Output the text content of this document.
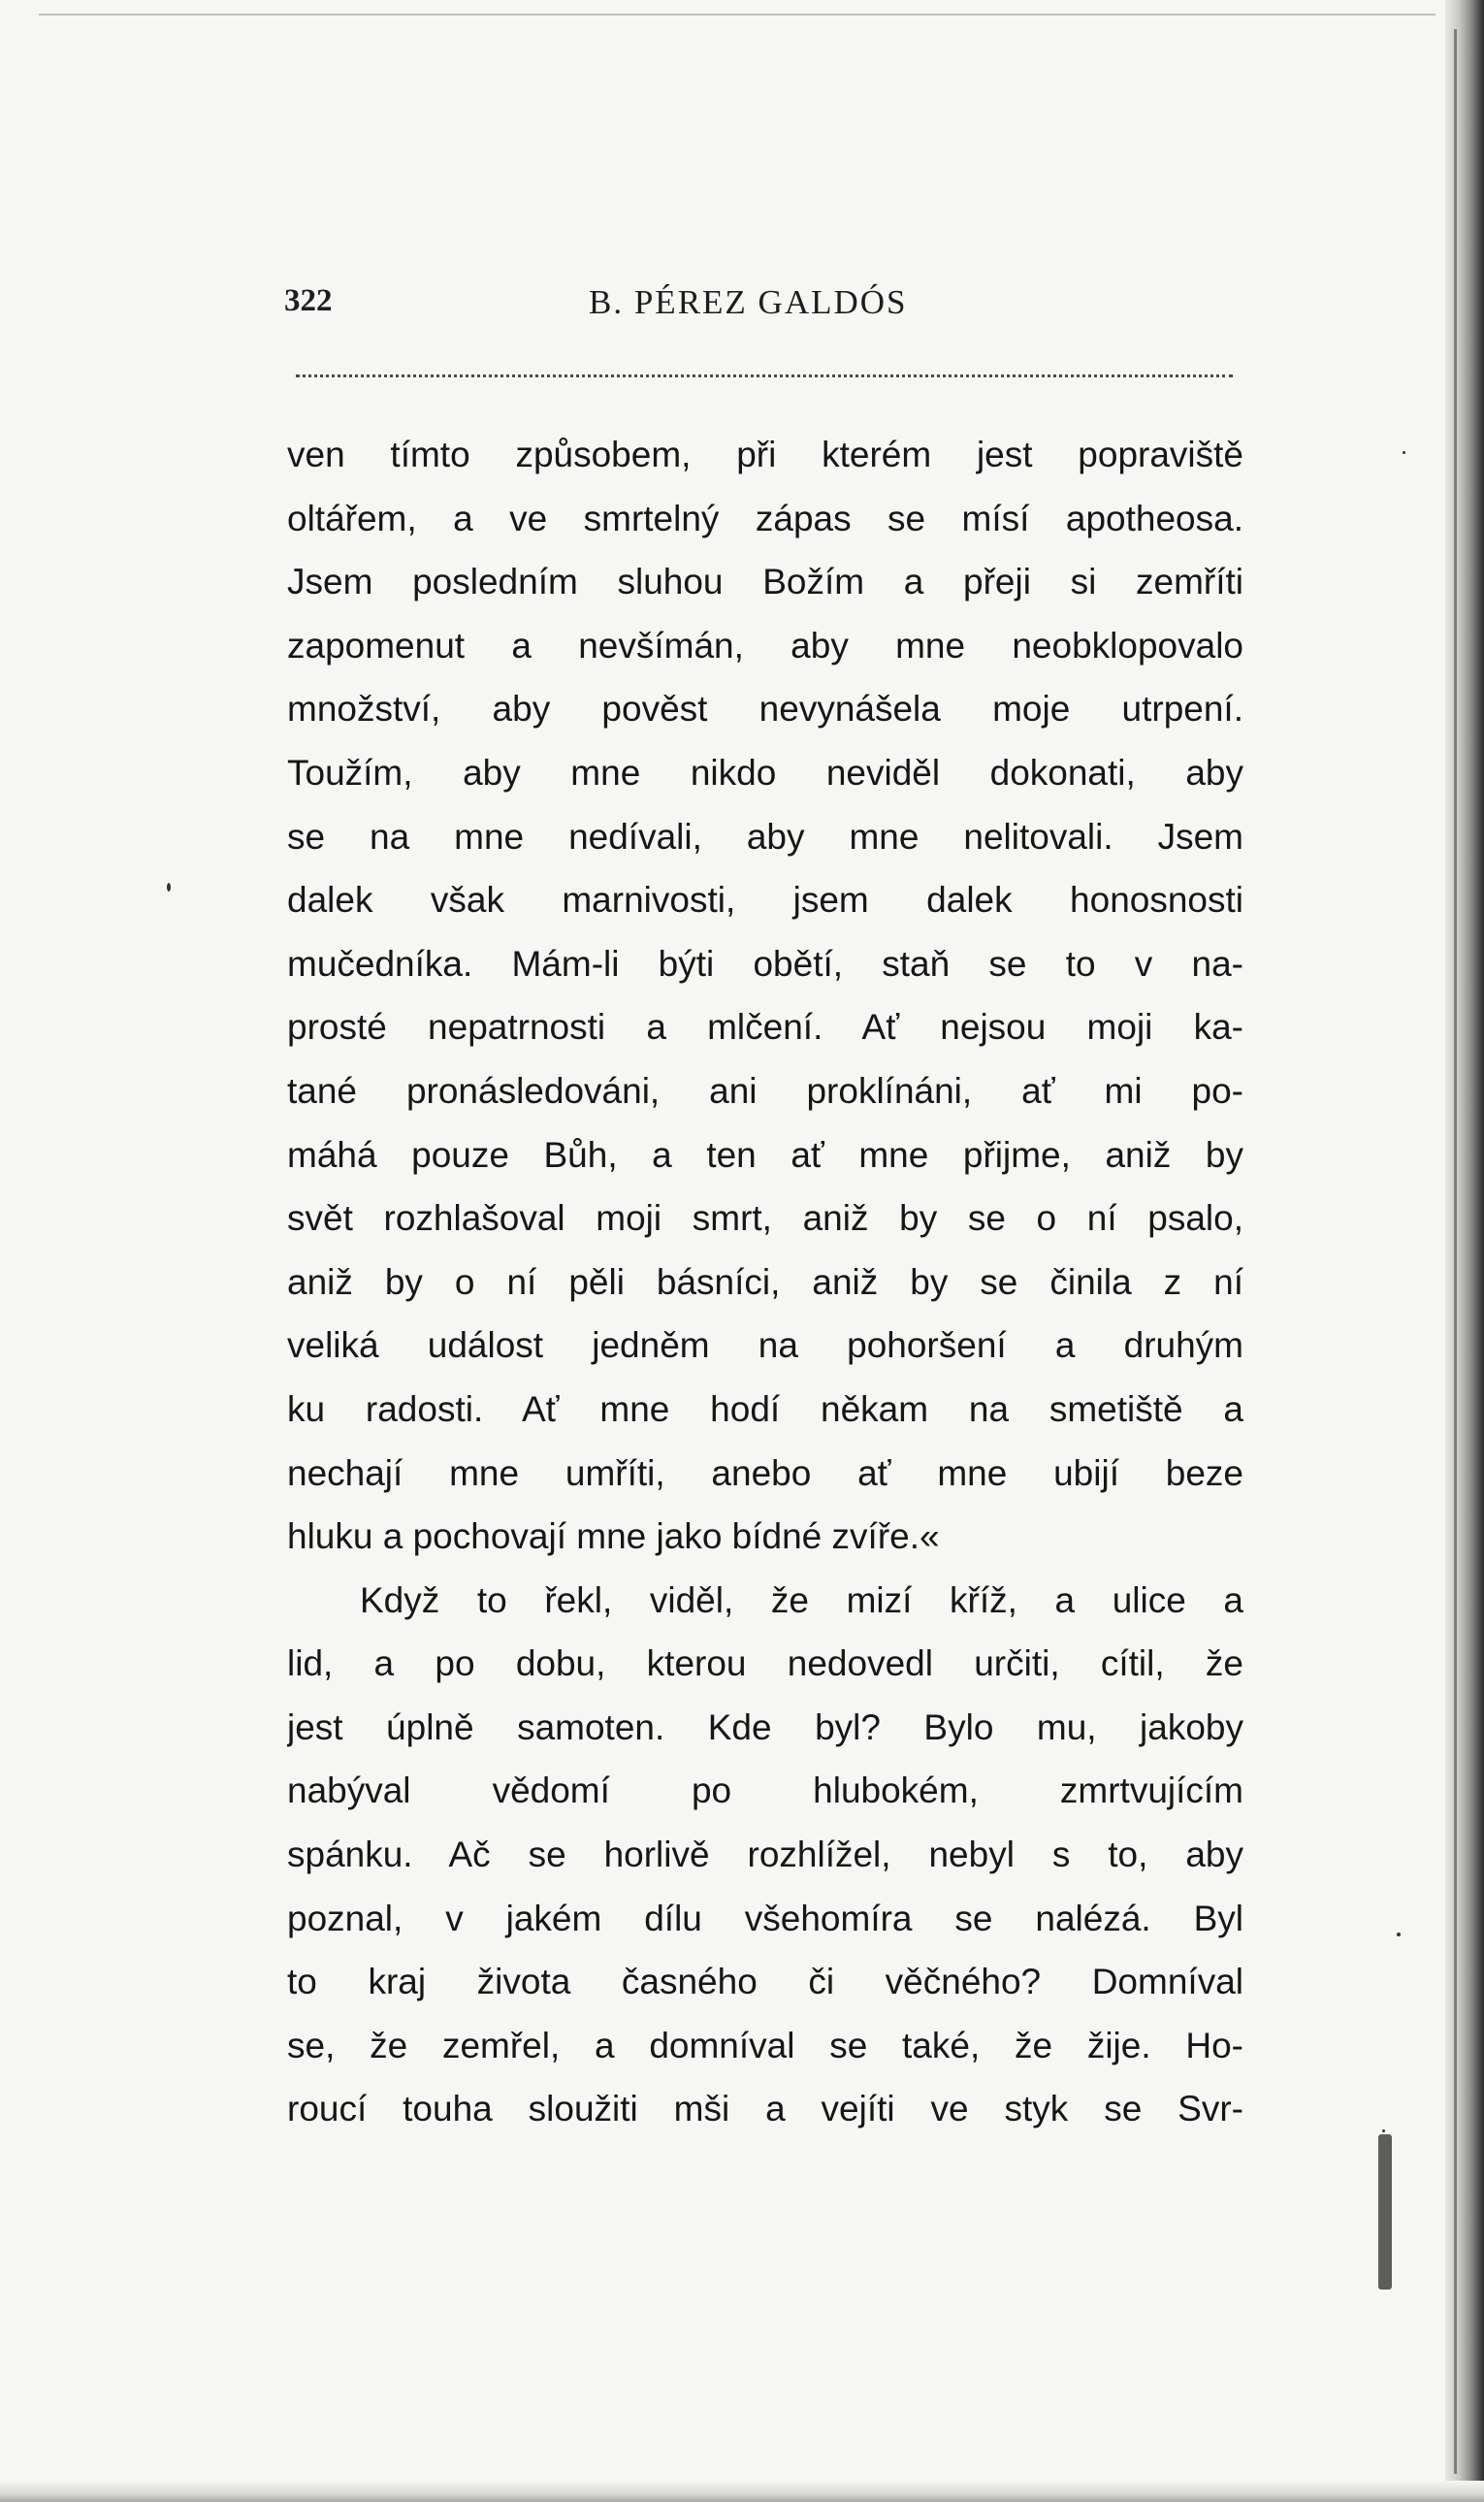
322	B. PÉREZ GALDÓS
ven tímto způsobem, při kterém jest popraviště
oltářem, a ve smrtelný zápas se mísí apotheosa.
Jsem posledním sluhou Božím a přeji si zemříti
zapomenut a nevšímán, aby mne neobklopovalo
množství, aby pověst nevynášela moje utrpení.
Toužím, aby mne nikdo neviděl dokonati, aby
se na mne nedívali, aby mne nelitovali. Jsem
dalek však marnivosti, jsem dalek honosnosti
mučedníka. Mám-li býti obětí, staň se to v na-
prosté nepatrnosti a mlčení. Ať nejsou moji ka-
tané pronásledováni, ani proklínáni, ať mi po-
máhá pouze Bůh, a ten ať mne přijme, aniž by
svět rozhlašoval moji smrt, aniž by se o ní psalo,
aniž by o ní pěli básníci, aniž by se činila z ní
veliká událost jedněm na pohoršení a druhým
ku radosti. Ať mne hodí někam na smetiště a
nechají mne umříti, anebo ať mne ubijí beze
hluku a pochovají mne jako bídné zvíře.«
Když to řekl, viděl, že mizí kříž, a ulice a
lid, a po dobu, kterou nedovedl určiti, cítil, že
jest úplně samoten. Kde byl? Bylo mu, jakoby
nabýval vědomí po hlubokém, zmrtvujícím
spánku. Ač se horlivě rozhlížel, nebyl s to, aby
poznal, v jakém dílu všehomíra se nalézá. Byl
to kraj života časného či věčného? Domníval
se, že zemřel, a domníval se také, že žije. Ho-
roucí touha sloužiti mši a vejíti ve styk se Svr-
